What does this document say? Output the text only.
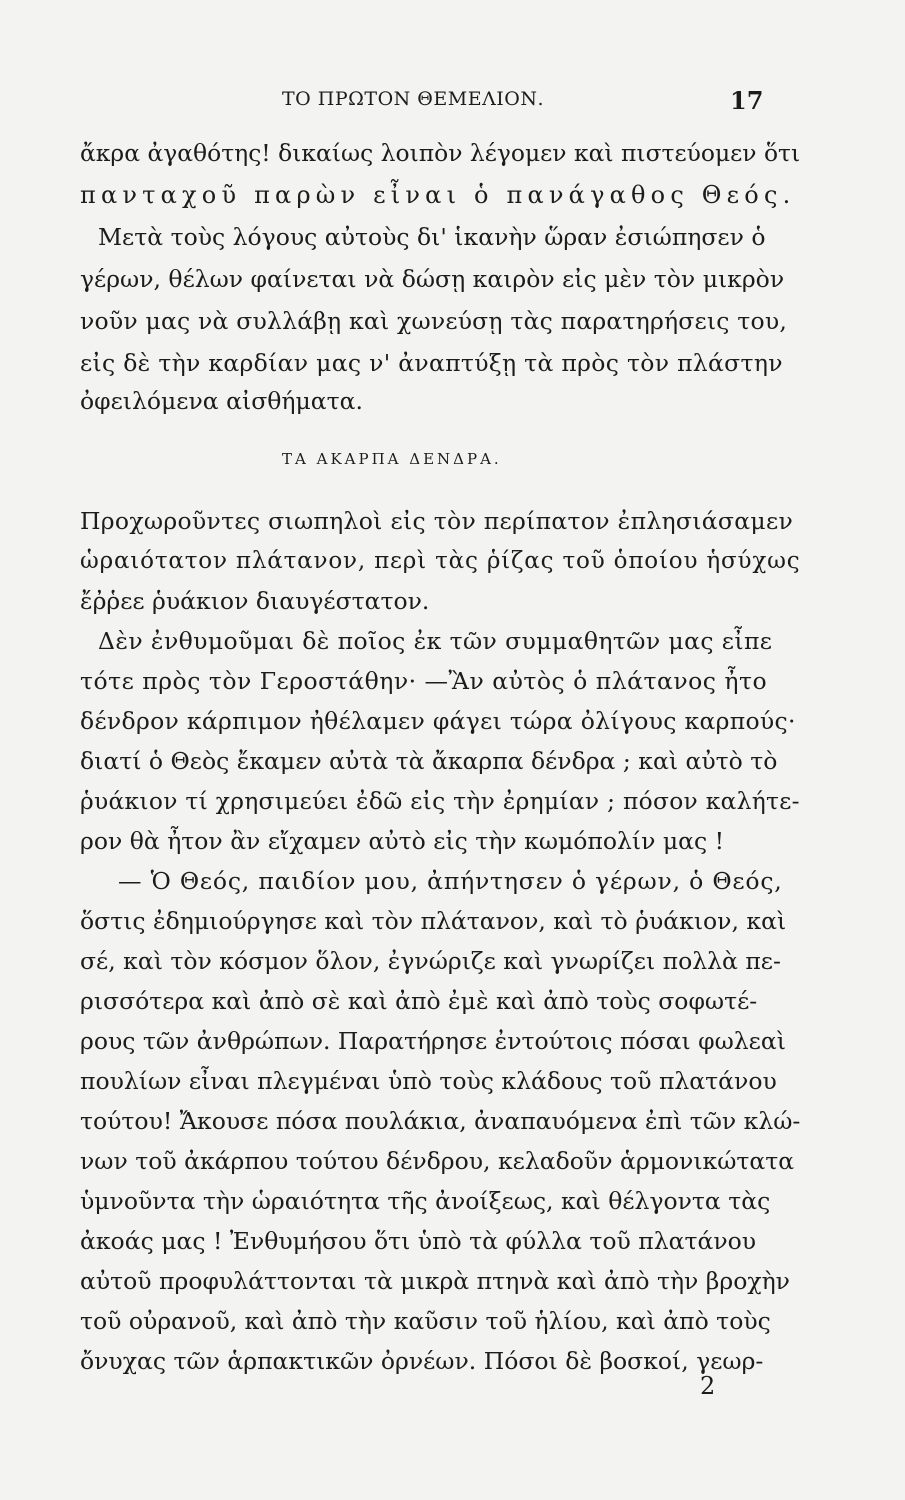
ΤΟ ΠΡΩΤΟΝ ΘΕΜΕΛΙΟΝ.	17
ἄκρα ἀγαθότης! δικαίως λοιπὸν λέγομεν καὶ πιστεύομεν ὅτι
πανταχοῦ παρὼν εἶναι ὁ πανάγαθος Θεός.
Μετὰ τοὺς λόγους αὐτοὺς δι' ἱκανὴν ὥραν ἐσιώπησεν ὁ
γέρων, θέλων φαίνεται νὰ δώσῃ καιρὸν εἰς μὲν τὸν μικρὸν
νοῦν μας νὰ συλλάβῃ καὶ χωνεύσῃ τὰς παρατηρήσεις του,
εἰς δὲ τὴν καρδίαν μας ν' ἀναπτύξῃ τὰ πρὸς τὸν πλάστην
ὀφειλόμενα αἰσθήματα.
ΤΑ ΑΚΑΡΠΑ ΔΕΝΔΡΑ.
Προχωροῦντες σιωπηλοὶ εἰς τὸν περίπατον ἐπλησιάσαμεν
ὡραιότατον πλάτανον, περὶ τὰς ῥίζας τοῦ ὁποίου ἡσύχως
ἔῤῥεε ῥυάκιον διαυγέστατον.
Δὲν ἐνθυμοῦμαι δὲ ποῖος ἐκ τῶν συμμαθητῶν μας εἶπε
τότε πρὸς τὸν Γεροστάθην· —Ἂν αὐτὸς ὁ πλάτανος ἦτο
δένδρον κάρπιμον ἠθέλαμεν φάγει τώρα ὀλίγους καρπούς·
διατί ὁ Θεὸς ἔκαμεν αὐτὰ τὰ ἄκαρπα δένδρα ; καὶ αὐτὸ τὸ
ῥυάκιον τί χρησιμεύει ἐδῶ εἰς τὴν ἐρημίαν ; πόσον καλήτε-
ρον θὰ ἦτον ἂν εἴχαμεν αὐτὸ εἰς τὴν κωμόπολίν μας !
— Ὁ Θεός, παιδίον μου, ἀπήντησεν ὁ γέρων, ὁ Θεός,
ὅστις ἐδημιούργησε καὶ τὸν πλάτανον, καὶ τὸ ῥυάκιον, καὶ
σέ, καὶ τὸν κόσμον ὅλον, ἐγνώριζε καὶ γνωρίζει πολλὰ πε-
ρισσότερα καὶ ἀπὸ σὲ καὶ ἀπὸ ἐμὲ καὶ ἀπὸ τοὺς σοφωτέ-
ρους τῶν ἀνθρώπων. Παρατήρησε ἐντούτοις πόσαι φωλεαὶ
πουλίων εἶναι πλεγμέναι ὑπὸ τοὺς κλάδους τοῦ πλατάνου
τούτου! Ἄκουσε πόσα πουλάκια, ἀναπαυόμενα ἐπὶ τῶν κλώ-
νων τοῦ ἀκάρπου τούτου δένδρου, κελαδοῦν ἁρμονικώτατα
ὑμνοῦντα τὴν ὡραιότητα τῆς ἀνοίξεως, καὶ θέλγοντα τὰς
ἀκοάς μας ! Ἐνθυμήσου ὅτι ὑπὸ τὰ φύλλα τοῦ πλατάνου
αὐτοῦ προφυλάττονται τὰ μικρὰ πτηνὰ καὶ ἀπὸ τὴν βροχὴν
τοῦ οὐρανοῦ, καὶ ἀπὸ τὴν καῦσιν τοῦ ἡλίου, καὶ ἀπὸ τοὺς
ὄνυχας τῶν ἁρπακτικῶν ὀρνέων. Πόσοι δὲ βοσκοί, γεωρ-
2
